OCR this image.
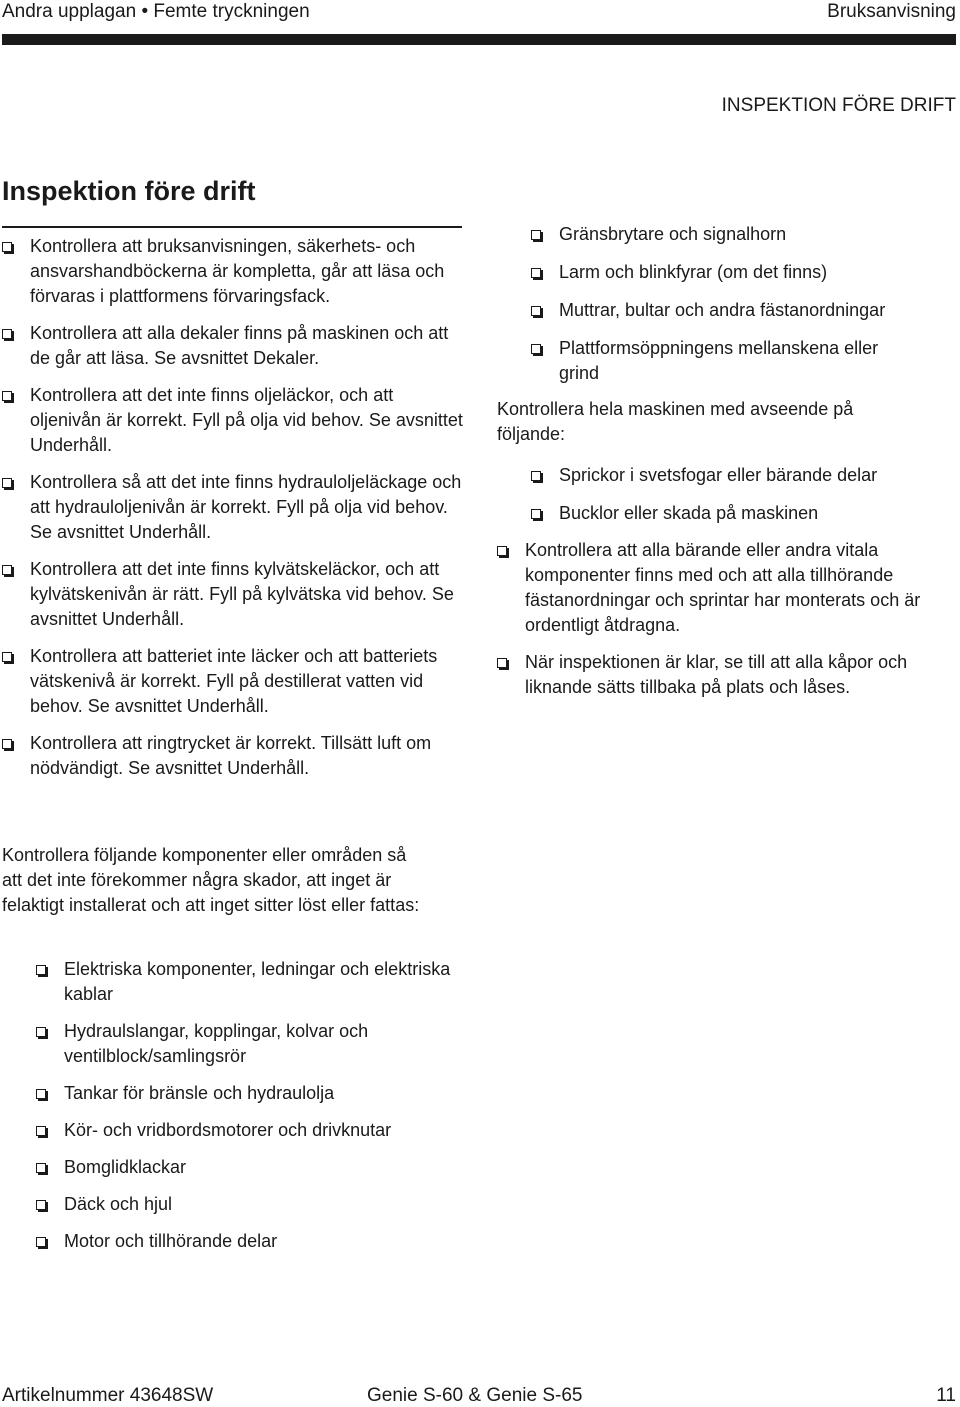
Andra upplagan • Femte tryckningen	Bruksanvisning
INSPEKTION FÖRE DRIFT
Inspektion före drift

Kontrollera att bruksanvisningen, säkerhets- och ansvarshandböckerna är kompletta, går att läsa och förvaras i plattformens förvaringsfack.

Kontrollera att alla dekaler finns på maskinen och att de går att läsa. Se avsnittet Dekaler.

Kontrollera att det inte finns oljeläckor, och att oljenivån är korrekt. Fyll på olja vid behov. Se avsnittet Underhåll.

Kontrollera så att det inte finns hydrauloljeläckage och att hydrauloljenivån är korrekt. Fyll på olja vid behov. Se avsnittet Underhåll.

Kontrollera att det inte finns kylvätskeläckor, och att kylvätskenivån är rätt. Fyll på kylvätska vid behov. Se avsnittet Underhåll.

Kontrollera att batteriet inte läcker och att batteriets vätskenivå är korrekt. Fyll på destillerat vatten vid behov. Se avsnittet Underhåll.

Kontrollera att ringtrycket är korrekt. Tillsätt luft om nödvändigt. Se avsnittet Underhåll.

Kontrollera följande komponenter eller områden så att det inte förekommer några skador, att inget är felaktigt installerat och att inget sitter löst eller fattas:

Elektriska komponenter, ledningar och elektriska kablar

Hydraulslangar, kopplingar, kolvar och ventilblock/samlingsrör

Tankar för bränsle och hydraulolja

Kör- och vridbordsmotorer och drivknutar

Bomglidklackar

Däck och hjul

Motor och tillhörande delar

Gränsbrytare och signalhorn

Larm och blinkfyrar (om det finns)

Muttrar, bultar och andra fästanordningar

Plattformsöppningens mellanskena eller grind

Kontrollera hela maskinen med avseende på följande:

Sprickor i svetsfogar eller bärande delar

Bucklor eller skada på maskinen

Kontrollera att alla bärande eller andra vitala komponenter finns med och att alla tillhörande fästanordningar och sprintar har monterats och är ordentligt åtdragna.

När inspektionen är klar, se till att alla kåpor och liknande sätts tillbaka på plats och låses.

Artikelnummer 43648SW	Genie S-60 & Genie S-65	11
